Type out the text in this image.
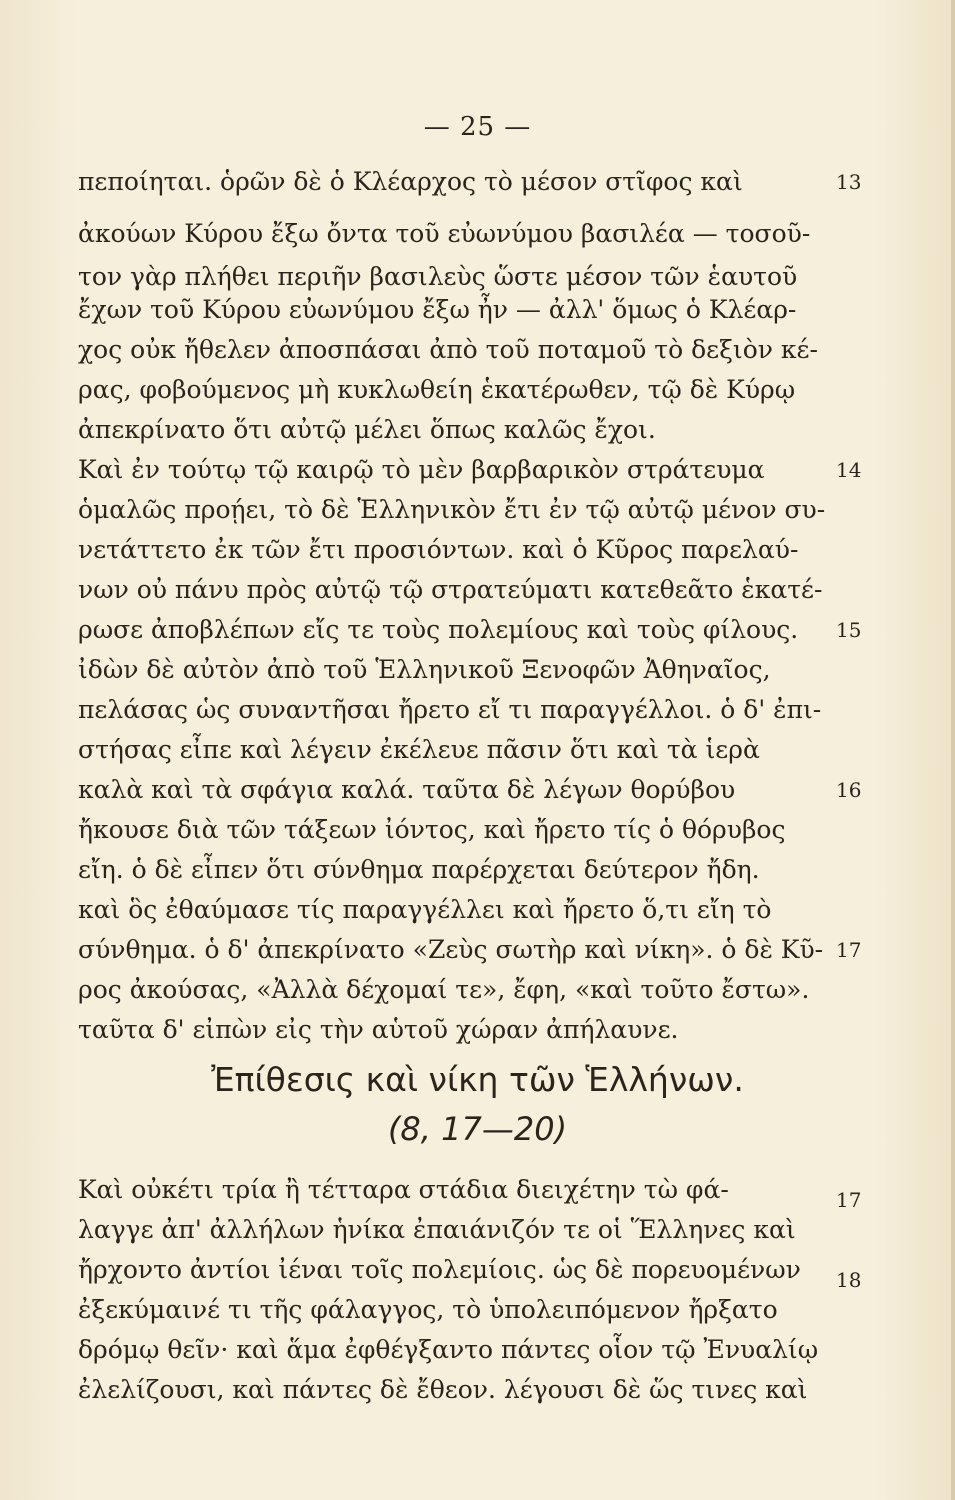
— 25 —
πεποίηται. ὁρῶν δὲ ὁ Κλέαρχος τὸ μέσον στῖφος καὶ
ἀκούων Κύρου ἔξω ὄντα τοῦ εὐωνύμου βασιλέα — τοσοῦ-
τον γὰρ πλήθει περιῆν βασιλεὺς ὥστε μέσον τῶν ἑαυτοῦ
ἔχων τοῦ Κύρου εὐωνύμου ἔξω ἦν — ἀλλ' ὅμως ὁ Κλέαρ-
χος οὐκ ἤθελεν ἀποσπάσαι ἀπὸ τοῦ ποταμοῦ τὸ δεξιὸν κέ-
ρας, φοβούμενος μὴ κυκλωθείη ἑκατέρωθεν, τῷ δὲ Κύρῳ
ἀπεκρίνατο ὅτι αὐτῷ μέλει ὅπως καλῶς ἔχοι.
Καὶ ἐν τούτῳ τῷ καιρῷ τὸ μὲν βαρβαρικὸν στράτευμα
ὁμαλῶς προῄει, τὸ δὲ Ἑλληνικὸν ἔτι ἐν τῷ αὐτῷ μένον συ-
νετάττετο ἐκ τῶν ἔτι προσιόντων. καὶ ὁ Κῦρος παρελαύ-
νων οὐ πάνυ πρὸς αὐτῷ τῷ στρατεύματι κατεθεᾶτο ἑκατέ-
ρωσε ἀποβλέπων εἴς τε τοὺς πολεμίους καὶ τοὺς φίλους.
ἰδὼν δὲ αὐτὸν ἀπὸ τοῦ Ἑλληνικοῦ Ξενοφῶν Ἀθηναῖος,
πελάσας ὡς συναντῆσαι ἤρετο εἴ τι παραγγέλλοι. ὁ δ' ἐπι-
στήσας εἶπε καὶ λέγειν ἐκέλευε πᾶσιν ὅτι καὶ τὰ ἱερὰ
καλὰ καὶ τὰ σφάγια καλά. ταῦτα δὲ λέγων θορύβου
ἤκουσε διὰ τῶν τάξεων ἰόντος, καὶ ἤρετο τίς ὁ θόρυβος
εἴη. ὁ δὲ εἶπεν ὅτι σύνθημα παρέρχεται δεύτερον ἤδη.
καὶ ὃς ἐθαύμασε τίς παραγγέλλει καὶ ἤρετο ὅ,τι εἴη τὸ
σύνθημα. ὁ δ' ἀπεκρίνατο «Ζεὺς σωτὴρ καὶ νίκη». ὁ δὲ Κῦ-
ρος ἀκούσας, «Ἀλλὰ δέχομαί τε», ἔφη, «καὶ τοῦτο ἔστω».
ταῦτα δ' εἰπὼν εἰς τὴν αὑτοῦ χώραν ἀπήλαυνε.
13
14
15
16
17
Ἐπίθεσις καὶ νίκη τῶν Ἑλλήνων.
(8, 17—20)
Καὶ οὐκέτι τρία ἢ τέτταρα στάδια διειχέτην τὼ φά-
λαγγε ἀπ' ἀλλήλων ἡνίκα ἐπαιάνιζόν τε οἱ Ἕλληνες καὶ
ἤρχοντο ἀντίοι ἰέναι τοῖς πολεμίοις. ὡς δὲ πορευομένων
ἐξεκύμαινέ τι τῆς φάλαγγος, τὸ ὑπολειπόμενον ἤρξατο
δρόμῳ θεῖν· καὶ ἅμα ἐφθέγξαντο πάντες οἷον τῷ Ἐνυαλίῳ
ἐλελίζουσι, καὶ πάντες δὲ ἔθεον. λέγουσι δὲ ὥς τινες καὶ
17
18
